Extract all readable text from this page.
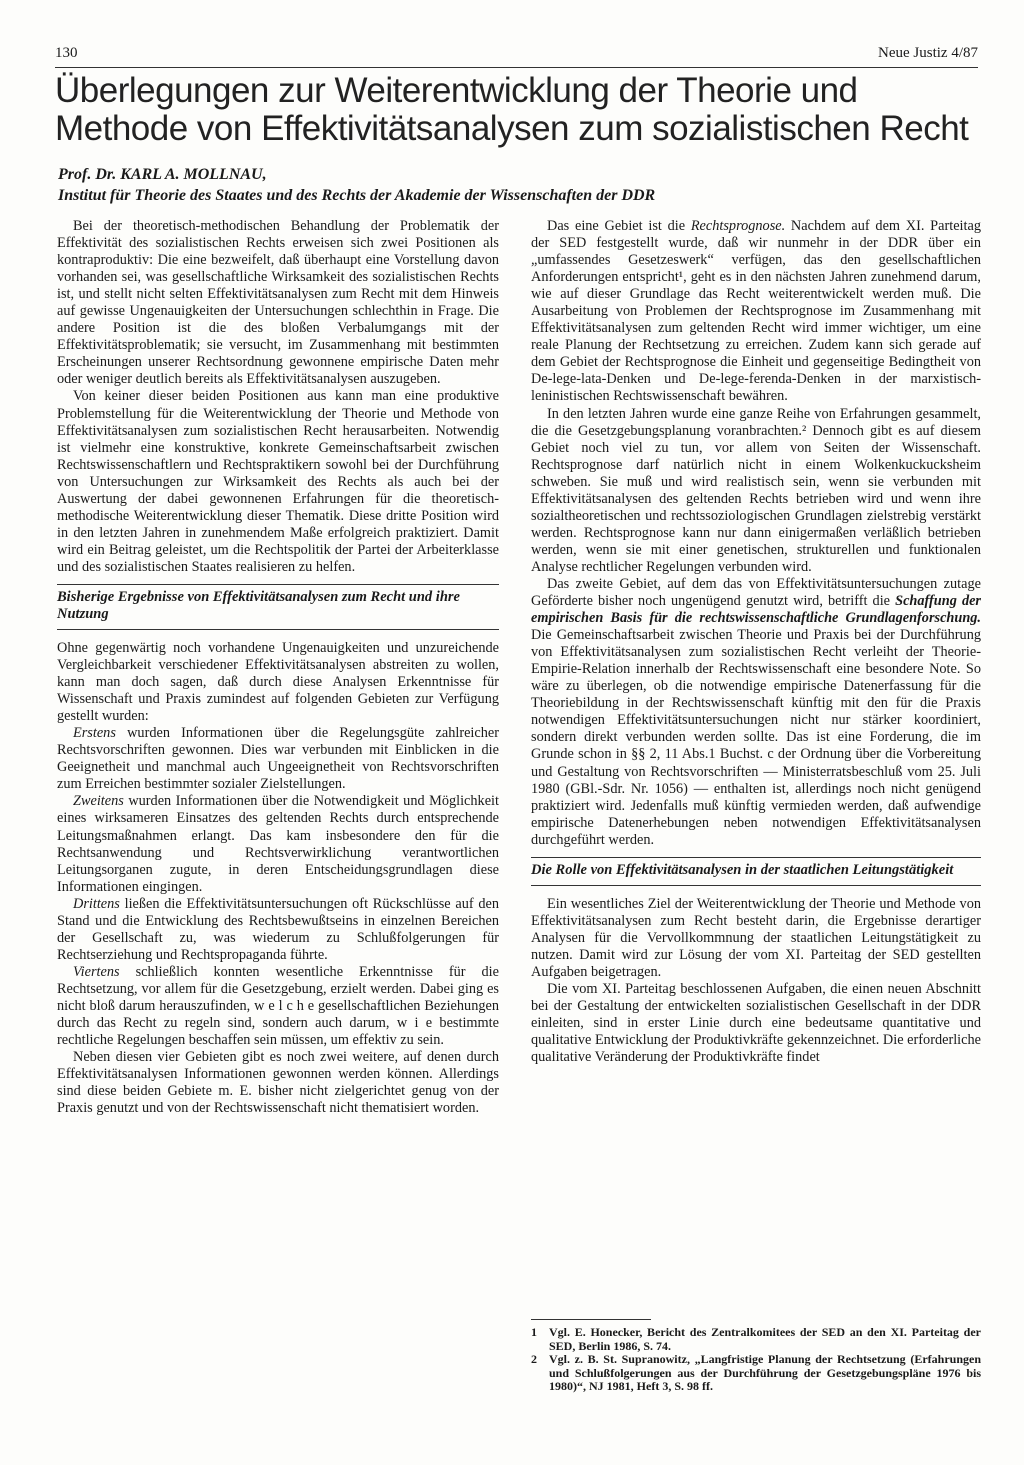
130	Neue Justiz 4/87
Überlegungen zur Weiterentwicklung der Theorie und Methode von Effektivitätsanalysen zum sozialistischen Recht
Prof. Dr. KARL A. MOLLNAU,
Institut für Theorie des Staates und des Rechts der Akademie der Wissenschaften der DDR

Bei der theoretisch-methodischen Behandlung der Problematik der Effektivität des sozialistischen Rechts erweisen sich zwei Positionen als kontraproduktiv: Die eine bezweifelt, daß überhaupt eine Vorstellung davon vorhanden sei, was gesellschaftliche Wirksamkeit des sozialistischen Rechts ist, und stellt nicht selten Effektivitätsanalysen zum Recht mit dem Hinweis auf gewisse Ungenauigkeiten der Untersuchungen schlechthin in Frage. Die andere Position ist die des bloßen Verbalumgangs mit der Effektivitätsproblematik; sie versucht, im Zusammenhang mit bestimmten Erscheinungen unserer Rechtsordnung gewonnene empirische Daten mehr oder weniger deutlich bereits als Effektivitätsanalysen auszugeben.

Von keiner dieser beiden Positionen aus kann man eine produktive Problemstellung für die Weiterentwicklung der Theorie und Methode von Effektivitätsanalysen zum sozialistischen Recht herausarbeiten. Notwendig ist vielmehr eine konstruktive, konkrete Gemeinschaftsarbeit zwischen Rechtswissenschaftlern und Rechtspraktikern sowohl bei der Durchführung von Untersuchungen zur Wirksamkeit des Rechts als auch bei der Auswertung der dabei gewonnenen Erfahrungen für die theoretisch-methodische Weiterentwicklung dieser Thematik. Diese dritte Position wird in den letzten Jahren in zunehmendem Maße erfolgreich praktiziert. Damit wird ein Beitrag geleistet, um die Rechtspolitik der Partei der Arbeiterklasse und des sozialistischen Staates realisieren zu helfen.

Bisherige Ergebnisse von Effektivitätsanalysen zum Recht und ihre Nutzung

Ohne gegenwärtig noch vorhandene Ungenauigkeiten und unzureichende Vergleichbarkeit verschiedener Effektivitätsanalysen abstreiten zu wollen, kann man doch sagen, daß durch diese Analysen Erkenntnisse für Wissenschaft und Praxis zumindest auf folgenden Gebieten zur Verfügung gestellt wurden:

Erstens wurden Informationen über die Regelungsgüte zahlreicher Rechtsvorschriften gewonnen. Dies war verbunden mit Einblicken in die Geeignetheit und manchmal auch Ungeeignetheit von Rechtsvorschriften zum Erreichen bestimmter sozialer Zielstellungen.

Zweitens wurden Informationen über die Notwendigkeit und Möglichkeit eines wirksameren Einsatzes des geltenden Rechts durch entsprechende Leitungsmaßnahmen erlangt. Das kam insbesondere den für die Rechtsanwendung und Rechtsverwirklichung verantwortlichen Leitungsorganen zugute, in deren Entscheidungsgrundlagen diese Informationen eingingen.

Drittens ließen die Effektivitätsuntersuchungen oft Rückschlüsse auf den Stand und die Entwicklung des Rechtsbewußtseins in einzelnen Bereichen der Gesellschaft zu, was wiederum zu Schlußfolgerungen für Rechtserziehung und Rechtspropaganda führte.

Viertens schließlich konnten wesentliche Erkenntnisse für die Rechtsetzung, vor allem für die Gesetzgebung, erzielt werden. Dabei ging es nicht bloß darum herauszufinden, w e l c h e gesellschaftlichen Beziehungen durch das Recht zu regeln sind, sondern auch darum, w i e bestimmte rechtliche Regelungen beschaffen sein müssen, um effektiv zu sein.

Neben diesen vier Gebieten gibt es noch zwei weitere, auf denen durch Effektivitätsanalysen Informationen gewonnen werden können. Allerdings sind diese beiden Gebiete m. E. bisher nicht zielgerichtet genug von der Praxis genutzt und von der Rechtswissenschaft nicht thematisiert worden.

Das eine Gebiet ist die Rechtsprognose. Nachdem auf dem XI. Parteitag der SED festgestellt wurde, daß wir nunmehr in der DDR über ein „umfassendes Gesetzeswerk“ verfügen, das den gesellschaftlichen Anforderungen entspricht¹, geht es in den nächsten Jahren zunehmend darum, wie auf dieser Grundlage das Recht weiterentwickelt werden muß. Die Ausarbeitung von Problemen der Rechtsprognose im Zusammenhang mit Effektivitätsanalysen zum geltenden Recht wird immer wichtiger, um eine reale Planung der Rechtsetzung zu erreichen. Zudem kann sich gerade auf dem Gebiet der Rechtsprognose die Einheit und gegenseitige Bedingtheit von De-lege-lata-Denken und De-lege-ferenda-Denken in der marxistisch-leninistischen Rechtswissenschaft bewähren.

In den letzten Jahren wurde eine ganze Reihe von Erfahrungen gesammelt, die die Gesetzgebungsplanung voranbrachten.² Dennoch gibt es auf diesem Gebiet noch viel zu tun, vor allem von Seiten der Wissenschaft. Rechtsprognose darf natürlich nicht in einem Wolkenkuckucksheim schweben. Sie muß und wird realistisch sein, wenn sie verbunden mit Effektivitätsanalysen des geltenden Rechts betrieben wird und wenn ihre sozialtheoretischen und rechtssoziologischen Grundlagen zielstrebig verstärkt werden. Rechtsprognose kann nur dann einigermaßen verläßlich betrieben werden, wenn sie mit einer genetischen, strukturellen und funktionalen Analyse rechtlicher Regelungen verbunden wird.

Das zweite Gebiet, auf dem das von Effektivitätsuntersuchungen zutage Geförderte bisher noch ungenügend genutzt wird, betrifft die Schaffung der empirischen Basis für die rechtswissenschaftliche Grundlagenforschung. Die Gemeinschaftsarbeit zwischen Theorie und Praxis bei der Durchführung von Effektivitätsanalysen zum sozialistischen Recht verleiht der Theorie-Empirie-Relation innerhalb der Rechtswissenschaft eine besondere Note. So wäre zu überlegen, ob die notwendige empirische Datenerfassung für die Theoriebildung in der Rechtswissenschaft künftig mit den für die Praxis notwendigen Effektivitätsuntersuchungen nicht nur stärker koordiniert, sondern direkt verbunden werden sollte. Das ist eine Forderung, die im Grunde schon in §§ 2, 11 Abs.1 Buchst. c der Ordnung über die Vorbereitung und Gestaltung von Rechtsvorschriften — Ministerratsbeschluß vom 25. Juli 1980 (GBl.-Sdr. Nr. 1056) — enthalten ist, allerdings noch nicht genügend praktiziert wird. Jedenfalls muß künftig vermieden werden, daß aufwendige empirische Datenerhebungen neben notwendigen Effektivitätsanalysen durchgeführt werden.

Die Rolle von Effektivitätsanalysen in der staatlichen Leitungstätigkeit

Ein wesentliches Ziel der Weiterentwicklung der Theorie und Methode von Effektivitätsanalysen zum Recht besteht darin, die Ergebnisse derartiger Analysen für die Vervollkommnung der staatlichen Leitungstätigkeit zu nutzen. Damit wird zur Lösung der vom XI. Parteitag der SED gestellten Aufgaben beigetragen.

Die vom XI. Parteitag beschlossenen Aufgaben, die einen neuen Abschnitt bei der Gestaltung der entwickelten sozialistischen Gesellschaft in der DDR einleiten, sind in erster Linie durch eine bedeutsame quantitative und qualitative Entwicklung der Produktivkräfte gekennzeichnet. Die erforderliche qualitative Veränderung der Produktivkräfte findet

1	Vgl. E. Honecker, Bericht des Zentralkomitees der SED an den XI. Parteitag der SED, Berlin 1986, S. 74.
2	Vgl. z. B. St. Supranowitz, „Langfristige Planung der Rechtsetzung (Erfahrungen und Schlußfolgerungen aus der Durchführung der Gesetzgebungspläne 1976 bis 1980)“, NJ 1981, Heft 3, S. 98 ff.
